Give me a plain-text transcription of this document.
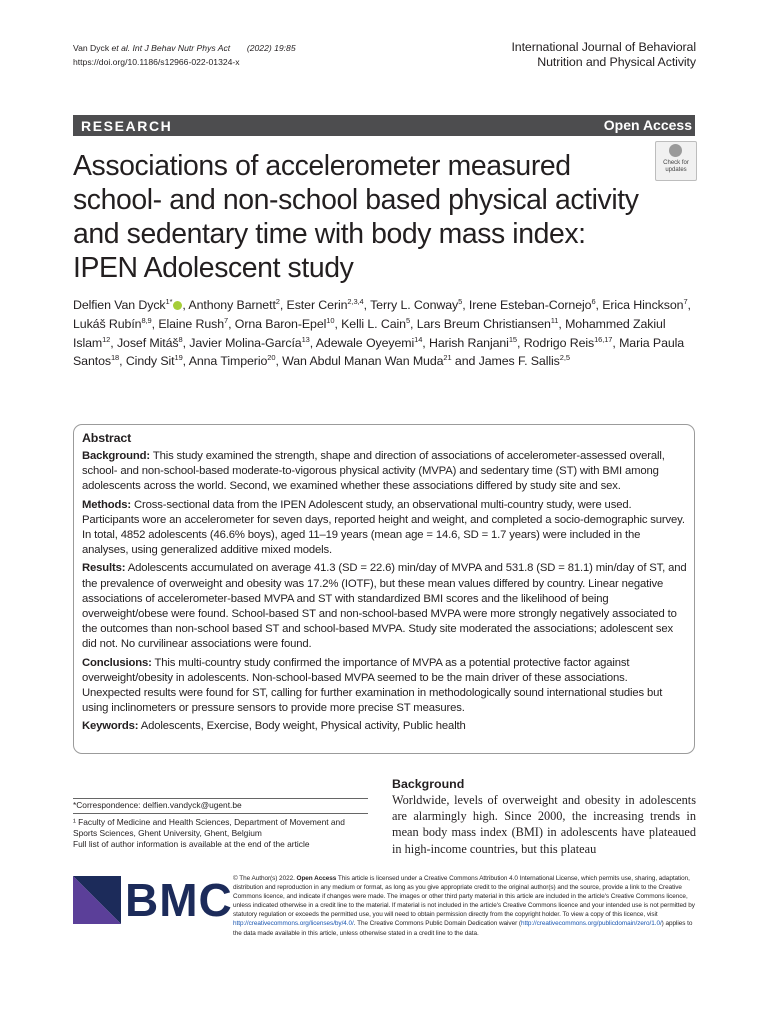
Van Dyck et al. Int J Behav Nutr Phys Act (2022) 19:85
https://doi.org/10.1186/s12966-022-01324-x
International Journal of Behavioral
Nutrition and Physical Activity
RESEARCH	Open Access
Associations of accelerometer measured school- and non-school based physical activity and sedentary time with body mass index: IPEN Adolescent study
Check for
updates
Delfien Van Dyck$^{1*}$ , Anthony Barnett$^2$, Ester Cerin$^{2,3,4}$, Terry L. Conway$^5$, Irene Esteban-Cornejo$^6$, Erica Hinckson$^7$, Lukáš Rubín$^{8,9}$, Elaine Rush$^7$, Orna Baron-Epel$^{10}$, Kelli L. Cain$^5$, Lars Breum Christiansen$^{11}$, Mohammed Zakiul Islam$^{12}$, Josef Mitáš$^8$, Javier Molina-García$^{13}$, Adewale Oyeyemi$^{14}$, Harish Ranjani$^{15}$, Rodrigo Reis$^{16,17}$, Maria Paula Santos$^{18}$, Cindy Sit$^{19}$, Anna Timperio$^{20}$, Wan Abdul Manan Wan Muda$^{21}$ and James F. Sallis$^{2,5}$
Abstract

Background: This study examined the strength, shape and direction of associations of accelerometer-assessed overall, school- and non-school-based moderate-to-vigorous physical activity (MVPA) and sedentary time (ST) with BMI among adolescents across the world. Second, we examined whether these associations differed by study site and sex.

Methods: Cross-sectional data from the IPEN Adolescent study, an observational multi-country study, were used. Participants wore an accelerometer for seven days, reported height and weight, and completed a socio-demographic survey. In total, 4852 adolescents (46.6% boys), aged 11–19 years (mean age = 14.6, SD = 1.7 years) were included in the analyses, using generalized additive mixed models.

Results: Adolescents accumulated on average 41.3 (SD = 22.6) min/day of MVPA and 531.8 (SD = 81.1) min/day of ST, and the prevalence of overweight and obesity was 17.2% (IOTF), but these mean values differed by country. Linear negative associations of accelerometer-based MVPA and ST with standardized BMI scores and the likelihood of being overweight/obese were found. School-based ST and non-school-based MVPA were more strongly negatively associated to the outcomes than non-school based ST and school-based MVPA. Study site moderated the associations; adolescent sex did not. No curvilinear associations were found.

Conclusions: This multi-country study confirmed the importance of MVPA as a potential protective factor against overweight/obesity in adolescents. Non-school-based MVPA seemed to be the main driver of these associations. Unexpected results were found for ST, calling for further examination in methodologically sound international studies but using inclinometers or pressure sensors to provide more precise ST measures.

Keywords: Adolescents, Exercise, Body weight, Physical activity, Public health

*Correspondence: delfien.vandyck@ugent.be
¹ Faculty of Medicine and Health Sciences, Department of Movement and Sports Sciences, Ghent University, Ghent, Belgium
Full list of author information is available at the end of the article
Background
Worldwide, levels of overweight and obesity in adolescents are alarmingly high. Since 2000, the increasing trends in mean body mass index (BMI) in adolescents have plateaued in high-income countries, but this plateau
BMC © The Author(s) 2022. Open Access This article is licensed under a Creative Commons Attribution 4.0 International License, which permits use, sharing, adaptation, distribution and reproduction in any medium or format, as long as you give appropriate credit to the original author(s) and the source, provide a link to the Creative Commons licence, and indicate if changes were made. The images or other third party material in this article are included in the article's Creative Commons licence, unless indicated otherwise in a credit line to the material. If material is not included in the article's Creative Commons licence and your intended use is not permitted by statutory regulation or exceeds the permitted use, you will need to obtain permission directly from the copyright holder. To view a copy of this licence, visit http://creativecommons.org/licenses/by/4.0/. The Creative Commons Public Domain Dedication waiver (http://creativecommons.org/publicdomain/zero/1.0/) applies to the data made available in this article, unless otherwise stated in a credit line to the data.
